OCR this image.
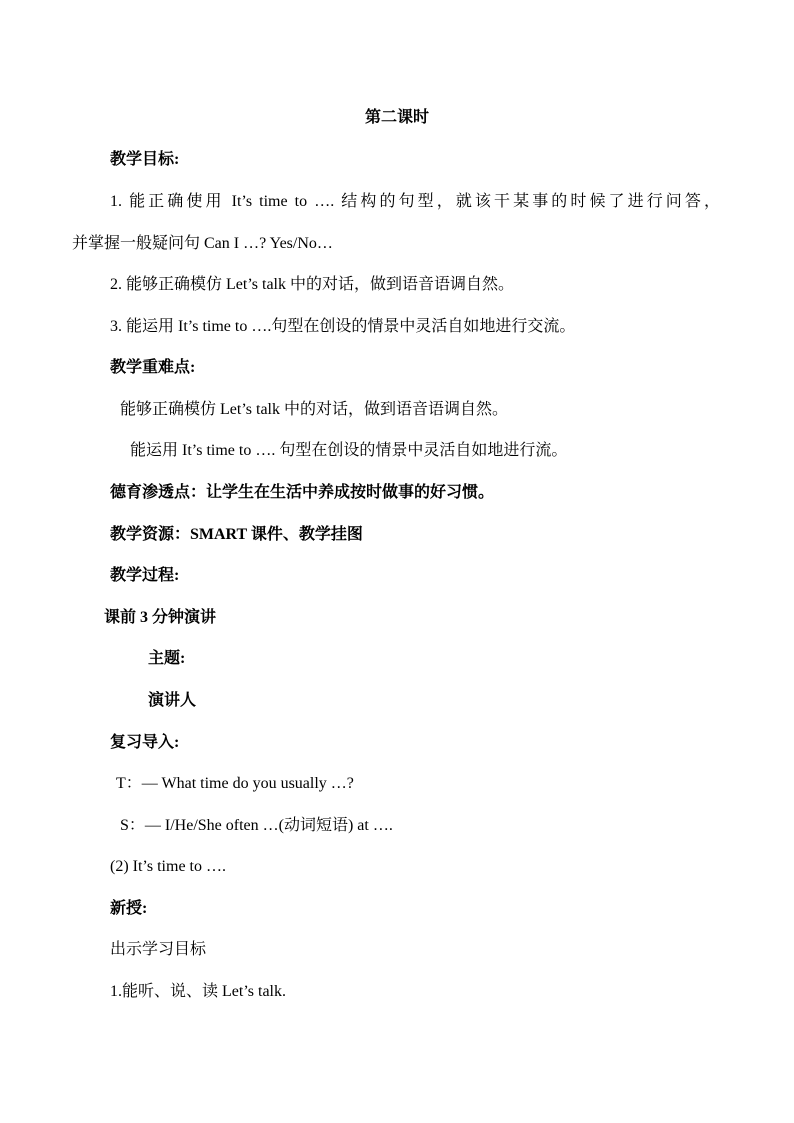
第二课时
教学目标:
1. 能正确使用 It’s time to …. 结构的句型，就该干某事的时候了进行问答，
并掌握一般疑问句 Can I …? Yes/No…
2. 能够正确模仿 Let’s talk 中的对话，做到语音语调自然。
3. 能运用 It’s time to ….句型在创设的情景中灵活自如地进行交流。
教学重难点:
能够正确模仿 Let’s talk 中的对话，做到语音语调自然。
能运用 It’s time to …. 句型在创设的情景中灵活自如地进行流。
德育渗透点：让学生在生活中养成按时做事的好习惯。
教学资源：SMART 课件、教学挂图
教学过程:
课前 3 分钟演讲
主题:
演讲人
复习导入:
T：— What time do you usually …?
S：— I/He/She often …(动词短语) at ….
(2) It’s time to ….
新授:
出示学习目标
1.能听、说、读 Let’s talk.
